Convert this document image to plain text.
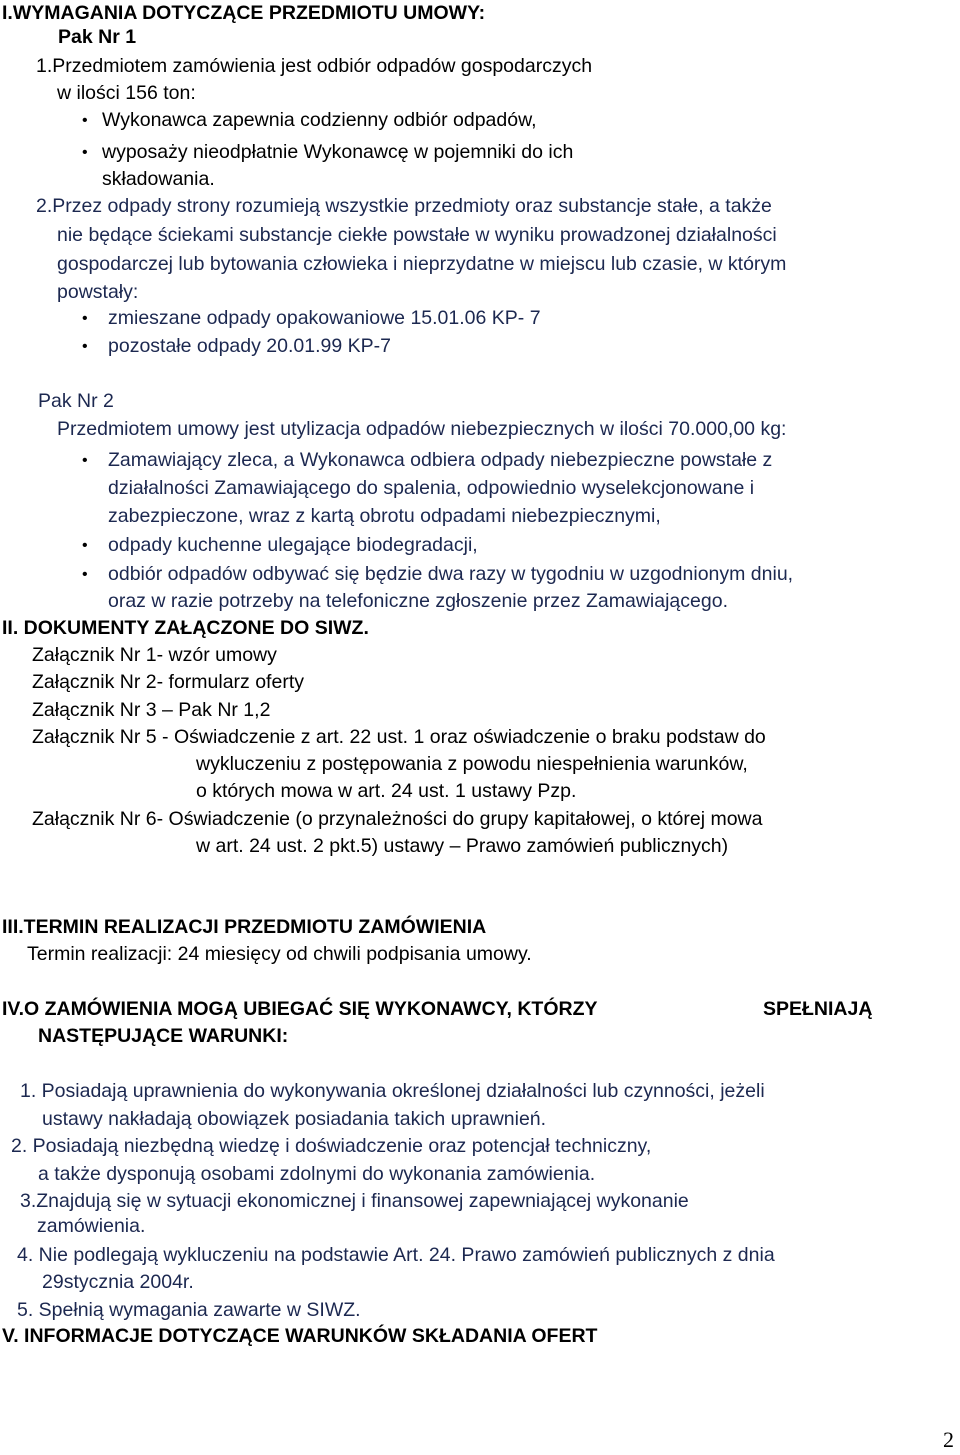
I.WYMAGANIA DOTYCZĄCE PRZEDMIOTU UMOWY:
Pak Nr 1
1.Przedmiotem zamówienia jest odbiór odpadów gospodarczych
w ilości 156 ton:
• Wykonawca zapewnia codzienny odbiór odpadów,
• wyposaży nieodpłatnie Wykonawcę w pojemniki do ich
składowania.
2.Przez odpady strony rozumieją wszystkie przedmioty oraz substancje stałe, a także
nie będące ściekami substancje ciekłe powstałe w wyniku prowadzonej działalności
gospodarczej lub bytowania człowieka i nieprzydatne w miejscu lub czasie, w którym
powstały:
• zmieszane odpady opakowaniowe 15.01.06 KP- 7
• pozostałe odpady 20.01.99 KP-7
Pak Nr 2
Przedmiotem umowy jest utylizacja odpadów niebezpiecznych w ilości 70.000,00 kg:
• Zamawiający zleca, a Wykonawca odbiera odpady niebezpieczne powstałe z
działalności Zamawiającego do spalenia, odpowiednio wyselekcjonowane i
zabezpieczone, wraz z kartą obrotu odpadami niebezpiecznymi,
• odpady kuchenne ulegające biodegradacji,
• odbiór odpadów odbywać się będzie dwa razy w tygodniu w uzgodnionym dniu,
oraz w razie potrzeby na telefoniczne zgłoszenie przez Zamawiającego.
II. DOKUMENTY ZAŁĄCZONE DO SIWZ.
Załącznik Nr 1- wzór umowy
Załącznik Nr 2- formularz oferty
Załącznik Nr 3 – Pak Nr 1,2
Załącznik Nr 5 - Oświadczenie z art. 22 ust. 1 oraz oświadczenie o braku podstaw do
wykluczeniu z postępowania z powodu niespełnienia warunków,
o których mowa w art. 24 ust. 1 ustawy Pzp.
Załącznik Nr 6- Oświadczenie (o przynależności do grupy kapitałowej, o której mowa
w art. 24 ust. 2 pkt.5) ustawy – Prawo zamówień publicznych)
III.TERMIN REALIZACJI PRZEDMIOTU ZAMÓWIENIA
Termin realizacji: 24 miesięcy od chwili podpisania umowy.
IV.O ZAMÓWIENIA MOGĄ UBIEGAĆ SIĘ WYKONAWCY, KTÓRZY	SPEŁNIAJĄ
NASTĘPUJĄCE WARUNKI:
1. Posiadają uprawnienia do wykonywania określonej działalności lub czynności, jeżeli
ustawy nakładają obowiązek posiadania takich uprawnień.
2. Posiadają niezbędną wiedzę i doświadczenie oraz potencjał techniczny,
a także dysponują osobami zdolnymi do wykonania zamówienia.
3.Znajdują się w sytuacji ekonomicznej i finansowej zapewniającej wykonanie
zamówienia.
4. Nie podlegają wykluczeniu na podstawie Art. 24. Prawo zamówień publicznych z dnia
29stycznia 2004r.
5. Spełnią wymagania zawarte w SIWZ.
V. INFORMACJE DOTYCZĄCE WARUNKÓW SKŁADANIA OFERT
2
